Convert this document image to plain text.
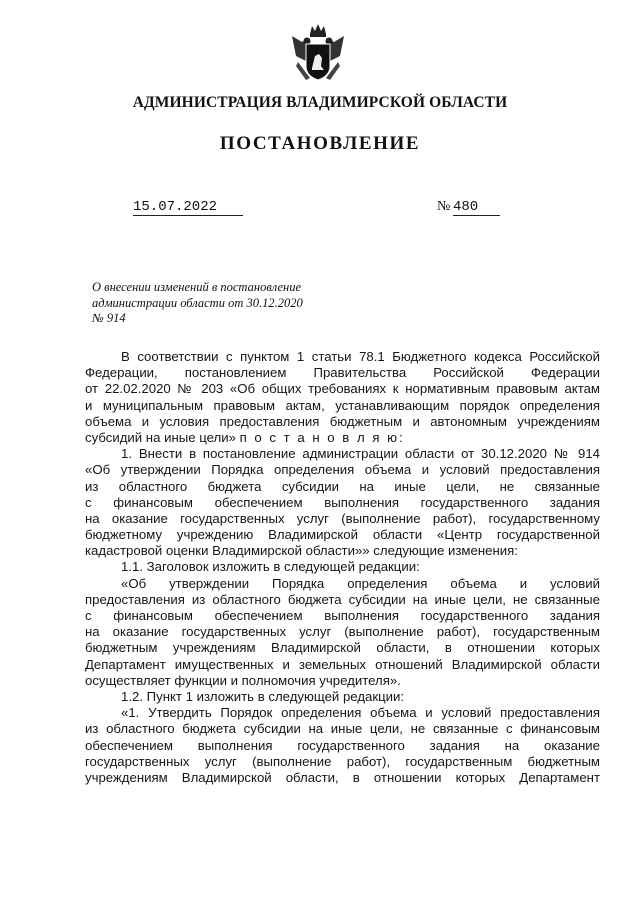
АДМИНИСТРАЦИЯ ВЛАДИМИРСКОЙ ОБЛАСТИ
ПОСТАНОВЛЕНИЕ
15.07.2022	№ 480
О внесении изменений в постановление
администрации области от 30.12.2020
№ 914
В соответствии с пунктом 1 статьи 78.1 Бюджетного кодекса Российской
Федерации, постановлением Правительства Российской Федерации
от 22.02.2020 № 203 «Об общих требованиях к нормативным правовым актам
и муниципальным правовым актам, устанавливающим порядок определения
объема и условия предоставления бюджетным и автономным учреждениям
субсидий на иные цели» п о с т а н о в л я ю:
1. Внести в постановление администрации области от 30.12.2020 № 914
«Об утверждении Порядка определения объема и условий предоставления
из областного бюджета субсидии на иные цели, не связанные
с финансовым обеспечением выполнения государственного задания
на оказание государственных услуг (выполнение работ), государственному
бюджетному учреждению Владимирской области «Центр государственной
кадастровой оценки Владимирской области»» следующие изменения:
1.1. Заголовок изложить в следующей редакции:
«Об утверждении Порядка определения объема и условий
предоставления из областного бюджета субсидии на иные цели, не связанные
с финансовым обеспечением выполнения государственного задания
на оказание государственных услуг (выполнение работ), государственным
бюджетным учреждениям Владимирской области, в отношении которых
Департамент имущественных и земельных отношений Владимирской области
осуществляет функции и полномочия учредителя».
1.2. Пункт 1 изложить в следующей редакции:
«1. Утвердить Порядок определения объема и условий предоставления
из областного бюджета субсидии на иные цели, не связанные с финансовым
обеспечением выполнения государственного задания на оказание
государственных услуг (выполнение работ), государственным бюджетным
учреждениям Владимирской области, в отношении которых Департамент
